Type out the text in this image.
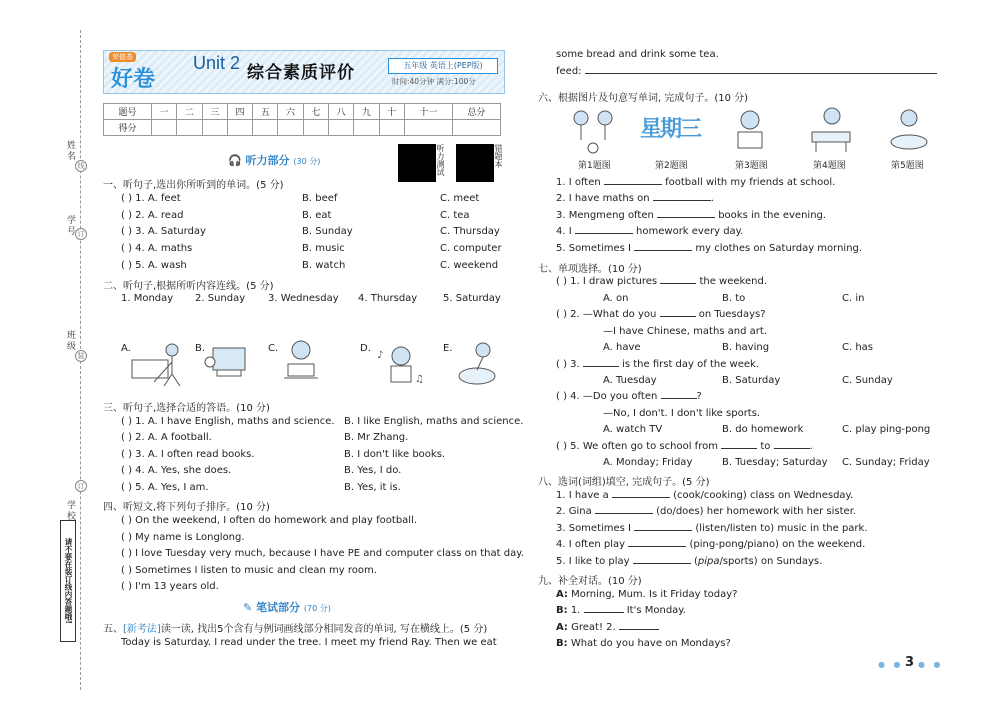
姓名
学号
班级
学校
线
订
装
订
请不要在装订线内答题哦!
荣德基
好卷
Unit 2 综合素质评价	五年级 英语上(PEP版)
时间:40分钟 满分:100分
题号	一	二	三	四	五	六	七	八	九	十	十一	总分
得分												
🎧 听力部分 (30 分)	听力测试	错题本
一、听句子,选出你所听到的单词。(5 分)
( ) 1. A. feet	B. beef	C. meet
( ) 2. A. read	B. eat	C. tea
( ) 3. A. Saturday	B. Sunday	C. Thursday
( ) 4. A. maths	B. music	C. computer
( ) 5. A. wash	B. watch	C. weekend
二、听句子,根据所听内容连线。(5 分)
1. Monday 2. Sunday 3. Wednesday 4. Thursday	5. Saturday
A.	B.	C.	D.	E.
♪
♫
三、听句子,选择合适的答语。(10 分)
( ) 1. A. I have English, maths and science. B. I like English, maths and science.
( ) 2. A. A football.	B. Mr Zhang.
( ) 3. A. I often read books.	B. I don't like books.
( ) 4. A. Yes, she does.	B. Yes, I do.
( ) 5. A. Yes, I am.	B. Yes, it is.
四、听短文,将下列句子排序。(10 分)
( ) On the weekend, I often do homework and play football.
( ) My name is Longlong.
( ) I love Tuesday very much, because I have PE and computer class on that day.
( ) Sometimes I listen to music and clean my room.
( ) I'm 13 years old.
✎ 笔试部分 (70 分)
五、[新考法]读一读, 找出5个含有与例词画线部分相同发音的单词, 写在横线上。(5 分)
Today is Saturday. I read under the tree. I meet my friend Ray. Then we eat
some bread and drink some tea.
feed:
六、根据图片及句意写单词, 完成句子。(10 分)
星期三
第1题图	第2题图	第3题图	第4题图	第5题图
1. I often	football with my friends at school.
2. I have maths on	.
3. Mengmeng often	books in the evening.
4. I	homework every day.
5. Sometimes I	my clothes on Saturday morning.
七、单项选择。(10 分)
( ) 1. I draw pictures	the weekend.
A. on	B. to	C. in
( ) 2. —What do you	on Tuesdays?
—I have Chinese, maths and art.
A. have	B. having	C. has
( ) 3.	is the first day of the week.
A. Tuesday	B. Saturday	C. Sunday
( ) 4. —Do you often	?
—No, I don't. I don't like sports.
A. watch TV	B. do homework	C. play ping-pong
( ) 5. We often go to school from	to	.
A. Monday; Friday	B. Tuesday; Saturday C. Sunday; Friday
八、选词(词组)填空, 完成句子。(5 分)
1. I have a	(cook/cooking) class on Wednesday.
2. Gina	(do/does) her homework with her sister.
3. Sometimes I	(listen/listen to) music in the park.
4. I often play	(ping-pong/piano) on the weekend.
5. I like to play	(pipa/sports) on Sundays.
九、补全对话。(10 分)
A: Morning, Mum. Is it Friday today?
B: 1.	It's Monday.
A: Great! 2.
B: What do you have on Mondays?
● ● 3 ● ●
